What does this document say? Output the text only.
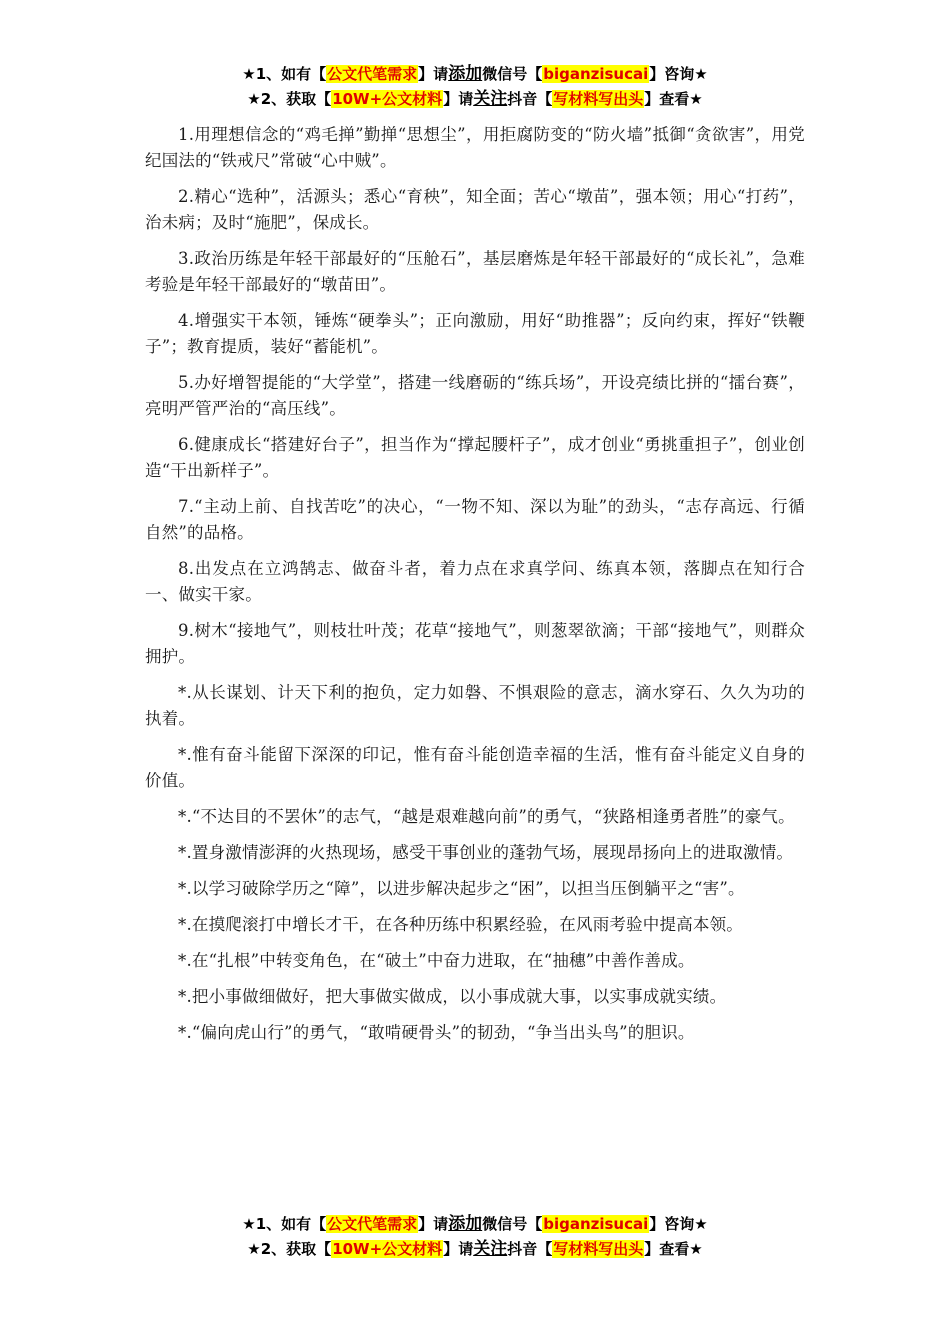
★1、如有【公文代笔需求】请添加微信号【biganzisucai】咨询★
★2、获取【10W+公文材料】请关注抖音【写材料写出头】查看★

1.用理想信念的“鸡毛掸”勤掸“思想尘”，用拒腐防变的“防火墙”抵御“贪欲害”，用党纪国法的“铁戒尺”常破“心中贼”。

2.精心“选种”，活源头；悉心“育秧”，知全面；苦心“墩苗”，强本领；用心“打药”，治未病；及时“施肥”，保成长。

3.政治历练是年轻干部最好的“压舱石”，基层磨炼是年轻干部最好的“成长礼”，急难考验是年轻干部最好的“墩苗田”。

4.增强实干本领，锤炼“硬拳头”；正向激励，用好“助推器”；反向约束，挥好“铁鞭子”；教育提质，装好“蓄能机”。

5.办好增智提能的“大学堂”，搭建一线磨砺的“练兵场”，开设亮绩比拼的“擂台赛”，亮明严管严治的“高压线”。

6.健康成长“搭建好台子”，担当作为“撑起腰杆子”，成才创业“勇挑重担子”，创业创造“干出新样子”。

7.“主动上前、自找苦吃”的决心，“一物不知、深以为耻”的劲头，“志存高远、行循自然”的品格。

8.出发点在立鸿鹄志、做奋斗者，着力点在求真学问、练真本领，落脚点在知行合一、做实干家。

9.树木“接地气”，则枝壮叶茂；花草“接地气”，则葱翠欲滴；干部“接地气”，则群众拥护。

*.从长谋划、计天下利的抱负，定力如磐、不惧艰险的意志，滴水穿石、久久为功的执着。

*.惟有奋斗能留下深深的印记，惟有奋斗能创造幸福的生活，惟有奋斗能定义自身的价值。

*.“不达目的不罢休”的志气，“越是艰难越向前”的勇气，“狭路相逢勇者胜”的豪气。

*.置身激情澎湃的火热现场，感受干事创业的蓬勃气场，展现昂扬向上的进取激情。

*.以学习破除学历之“障”，以进步解决起步之“困”，以担当压倒躺平之“害”。

*.在摸爬滚打中增长才干，在各种历练中积累经验，在风雨考验中提高本领。

*.在“扎根”中转变角色，在“破土”中奋力进取，在“抽穗”中善作善成。

*.把小事做细做好，把大事做实做成，以小事成就大事，以实事成就实绩。

*.“偏向虎山行”的勇气，“敢啃硬骨头”的韧劲，“争当出头鸟”的胆识。

★1、如有【公文代笔需求】请添加微信号【biganzisucai】咨询★
★2、获取【10W+公文材料】请关注抖音【写材料写出头】查看★
